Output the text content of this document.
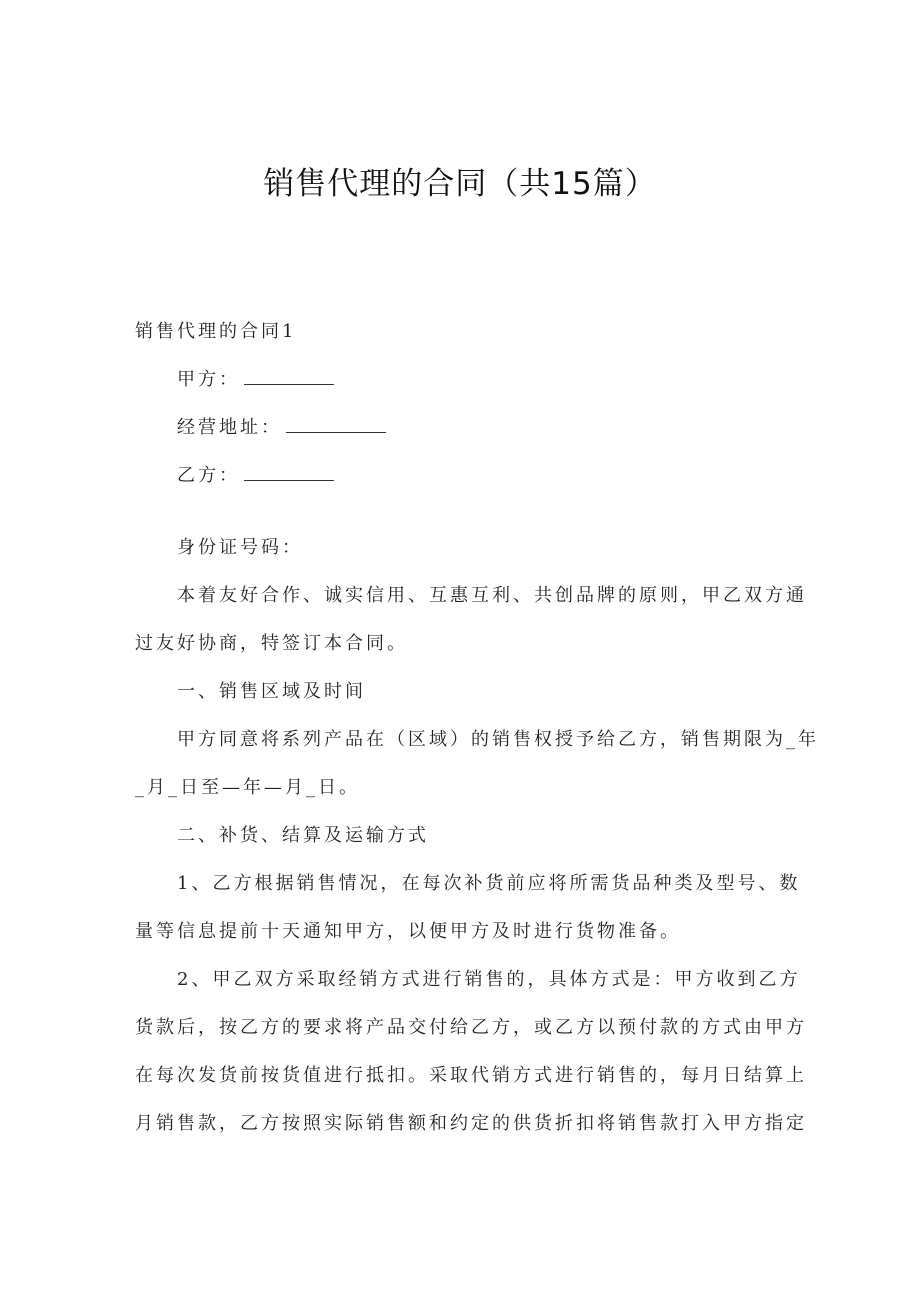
销售代理的合同（共15篇）

销售代理的合同1

甲方：

经营地址：

乙方：

身份证号码：

本着友好合作、诚实信用、互惠互利、共创品牌的原则，甲乙双方通

过友好协商，特签订本合同。

一、销售区域及时间

甲方同意将系列产品在（区域）的销售权授予给乙方，销售期限为_年

_月_日至—年—月_日。

二、补货、结算及运输方式

1、乙方根据销售情况，在每次补货前应将所需货品种类及型号、数

量等信息提前十天通知甲方，以便甲方及时进行货物准备。

2、甲乙双方采取经销方式进行销售的，具体方式是：甲方收到乙方

货款后，按乙方的要求将产品交付给乙方，或乙方以预付款的方式由甲方

在每次发货前按货值进行抵扣。采取代销方式进行销售的，每月日结算上

月销售款，乙方按照实际销售额和约定的供货折扣将销售款打入甲方指定
